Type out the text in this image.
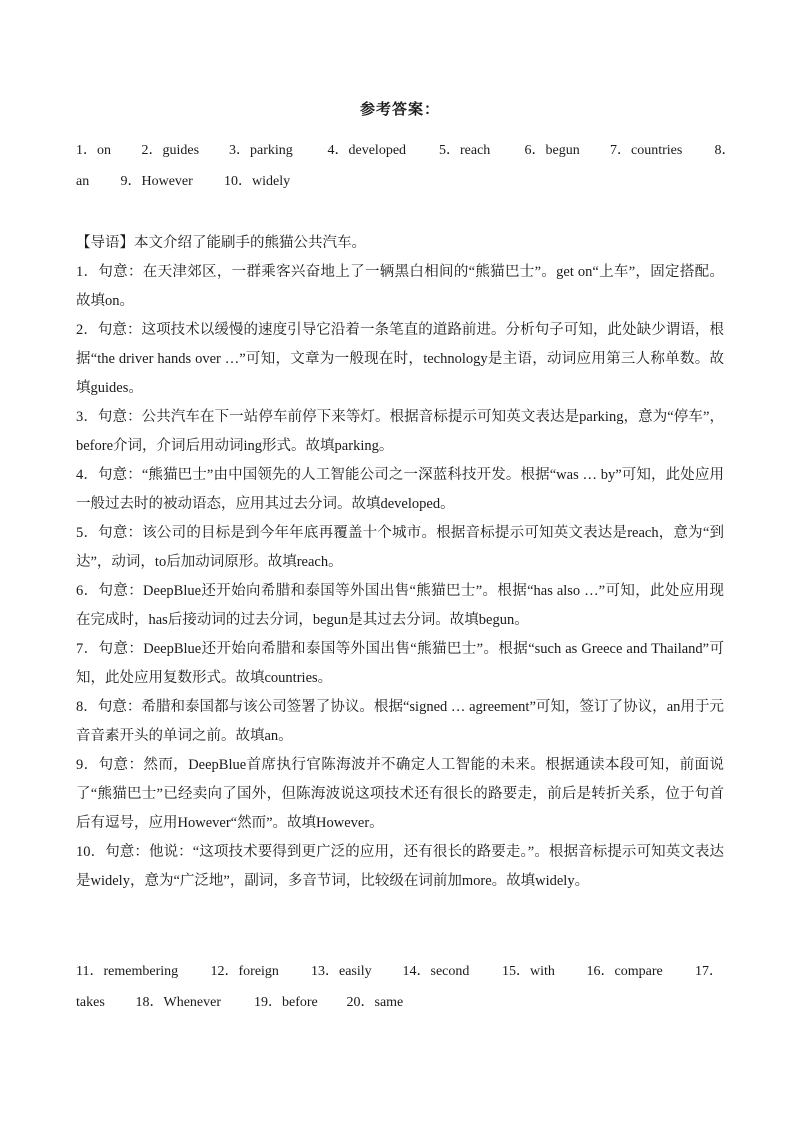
参考答案：
1．on 2．guides 3．parking 4．developed 5．reach 6．begun 7．countries 8．
an 9．However 10．widely

【导语】本文介绍了能刷手的熊猫公共汽车。

1．句意：在天津郊区，一群乘客兴奋地上了一辆黑白相间的“熊猫巴士”。get on“上车”，固定搭配。故填on。

2．句意：这项技术以缓慢的速度引导它沿着一条笔直的道路前进。分析句子可知，此处缺少谓语，根据“the driver hands over …”可知，文章为一般现在时，technology是主语，动词应用第三人称单数。故填guides。

3．句意：公共汽车在下一站停车前停下来等灯。根据音标提示可知英文表达是parking，意为“停车”，before介词，介词后用动词ing形式。故填parking。

4．句意：“熊猫巴士”由中国领先的人工智能公司之一深蓝科技开发。根据“was … by”可知，此处应用一般过去时的被动语态，应用其过去分词。故填developed。

5．句意：该公司的目标是到今年年底再覆盖十个城市。根据音标提示可知英文表达是reach，意为“到达”，动词，to后加动词原形。故填reach。

6．句意：DeepBlue还开始向希腊和泰国等外国出售“熊猫巴士”。根据“has also …”可知，此处应用现在完成时，has后接动词的过去分词，begun是其过去分词。故填begun。

7．句意：DeepBlue还开始向希腊和泰国等外国出售“熊猫巴士”。根据“such as Greece and Thailand”可知，此处应用复数形式。故填countries。

8．句意：希腊和泰国都与该公司签署了协议。根据“signed … agreement”可知，签订了协议，an用于元音音素开头的单词之前。故填an。

9．句意：然而，DeepBlue首席执行官陈海波并不确定人工智能的未来。根据通读本段可知，前面说了“熊猫巴士”已经卖向了国外，但陈海波说这项技术还有很长的路要走，前后是转折关系，位于句首后有逗号，应用However“然而”。故填However。

10．句意：他说：“这项技术要得到更广泛的应用，还有很长的路要走。”。根据音标提示可知英文表达是widely，意为“广泛地”，副词，多音节词，比较级在词前加more。故填widely。

11．remembering 12．foreign 13．easily 14．second 15．with 16．compare 17．
takes 18．Whenever 19．before 20．same
